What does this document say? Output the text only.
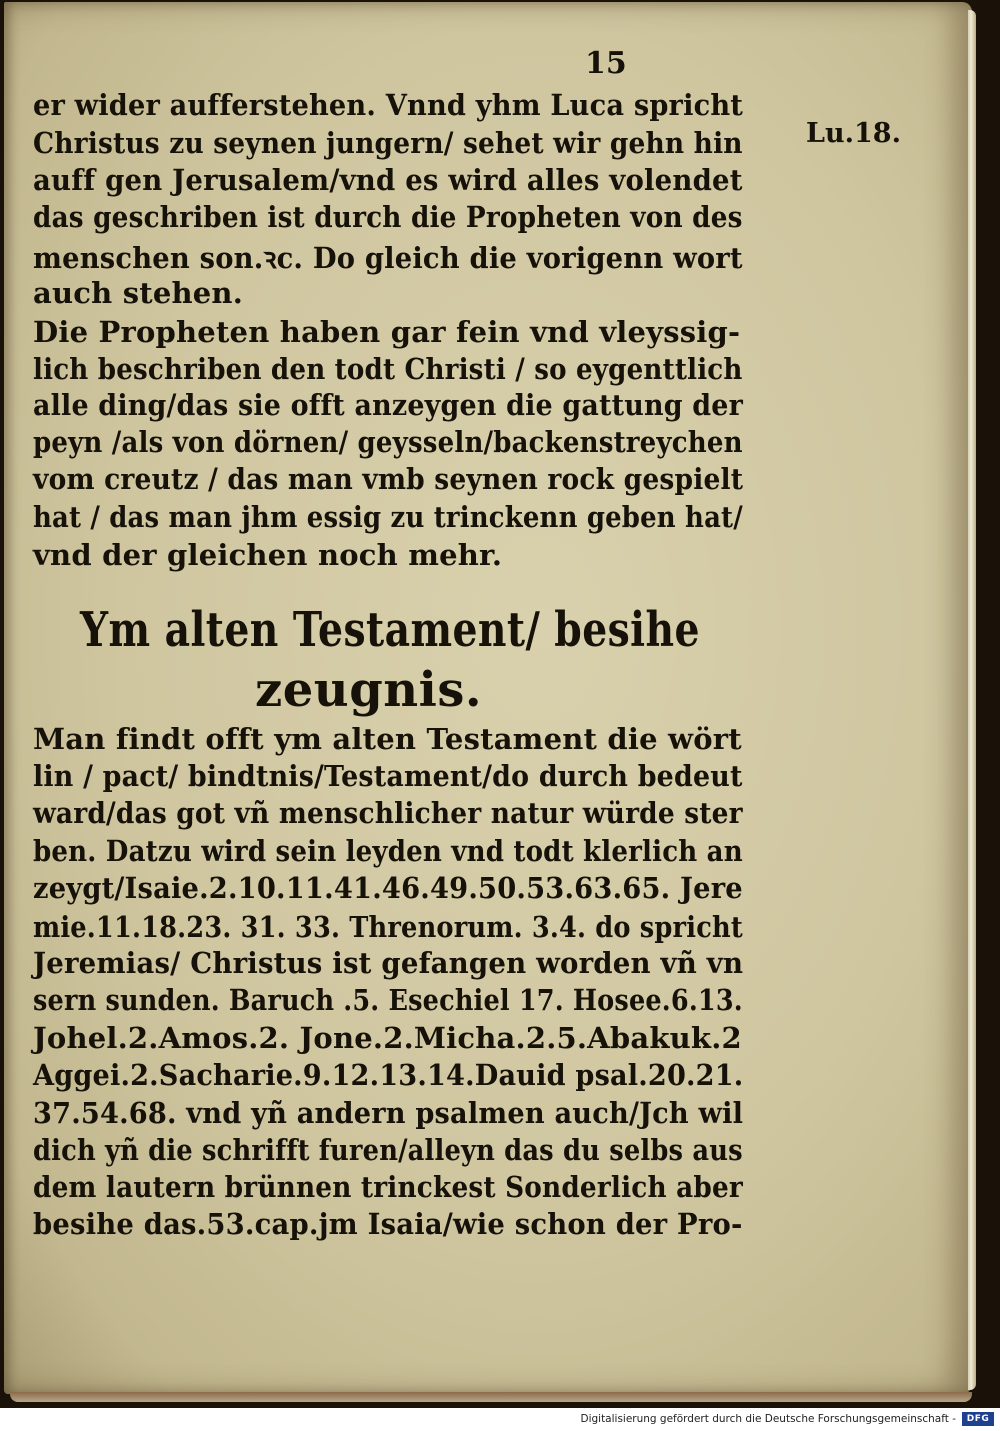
15
Lu.18.
er wider aufferstehen. Vnnd yhm Luca spricht
Christus zu seynen jungern/ sehet wir gehn hin
auff gen Jerusalem/vnd es wird alles volendet
das geschriben ist durch die Propheten von des
menschen son.ꝛc. Do gleich die vorigenn wort
auch stehen.
Die Propheten haben gar fein vnd vleyssig-
lich beschriben den todt Christi / so eygenttlich
alle ding/das sie offt anzeygen die gattung der
peyn /als von dörnen/ geysseln/backenstreychen
vom creutz / das man vmb seynen rock gespielt
hat / das man jhm essig zu trinckenn geben hat/
vnd der gleichen noch mehr.
Ym alten Testament/ besihe
zeugnis.
Man findt offt ym alten Testament die wört
lin / pact/ bindtnis/Testament/do durch bedeut
ward/das got vñ menschlicher natur würde ster
ben. Datzu wird sein leyden vnd todt klerlich an
zeygt/Isaie.2.10.11.41.46.49.50.53.63.65. Jere
mie.11.18.23. 31. 33. Threnorum. 3.4. do spricht
Jeremias/ Christus ist gefangen worden vñ vn
sern sunden. Baruch .5. Esechiel 17. Hosee.6.13.
Johel.2.Amos.2. Jone.2.Micha.2.5.Abakuk.2
Aggei.2.Sacharie.9.12.13.14.Dauid psal.20.21.
37.54.68. vnd yñ andern psalmen auch/Jch wil
dich yñ die schrifft furen/alleyn das du selbs aus
dem lautern brünnen trinckest Sonderlich aber
besihe das.53.cap.jm Isaia/wie schon der Pro-
Digitalisierung gefördert durch die Deutsche Forschungsgemeinschaft -	DFG
